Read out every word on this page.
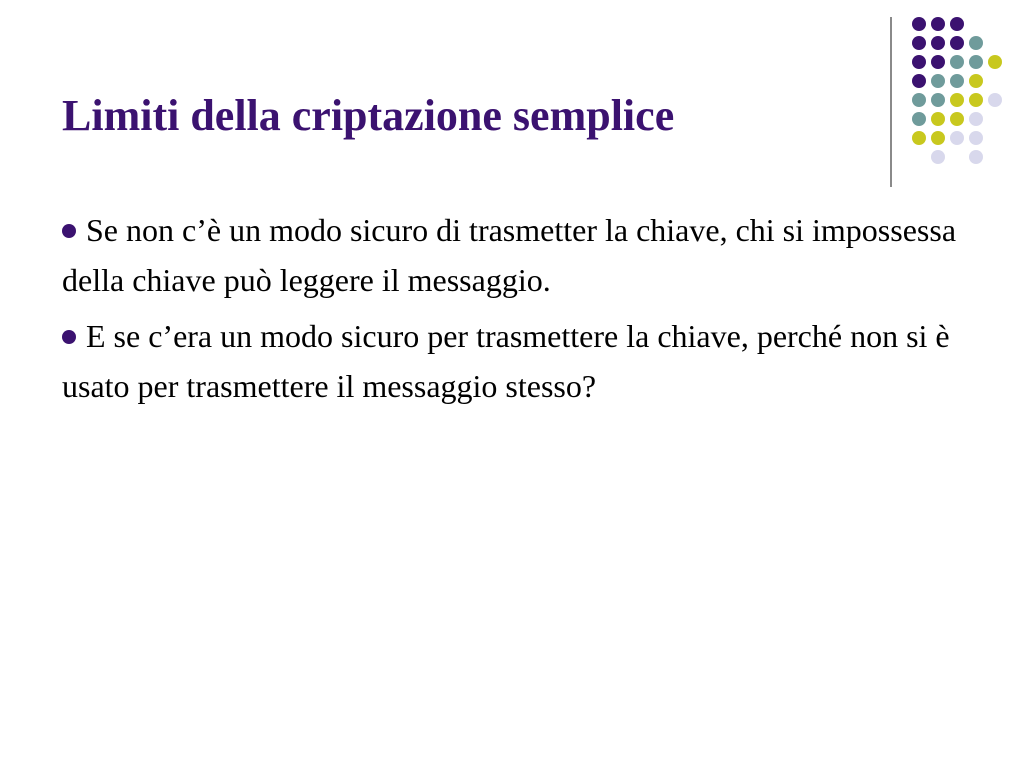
Limiti della criptazione semplice
Se non c’è un modo sicuro di trasmetter la chiave, chi si impossessa della chiave può leggere il messaggio.
E se c’era un modo sicuro per trasmettere la chiave, perché non si è usato per trasmettere il messaggio stesso?
